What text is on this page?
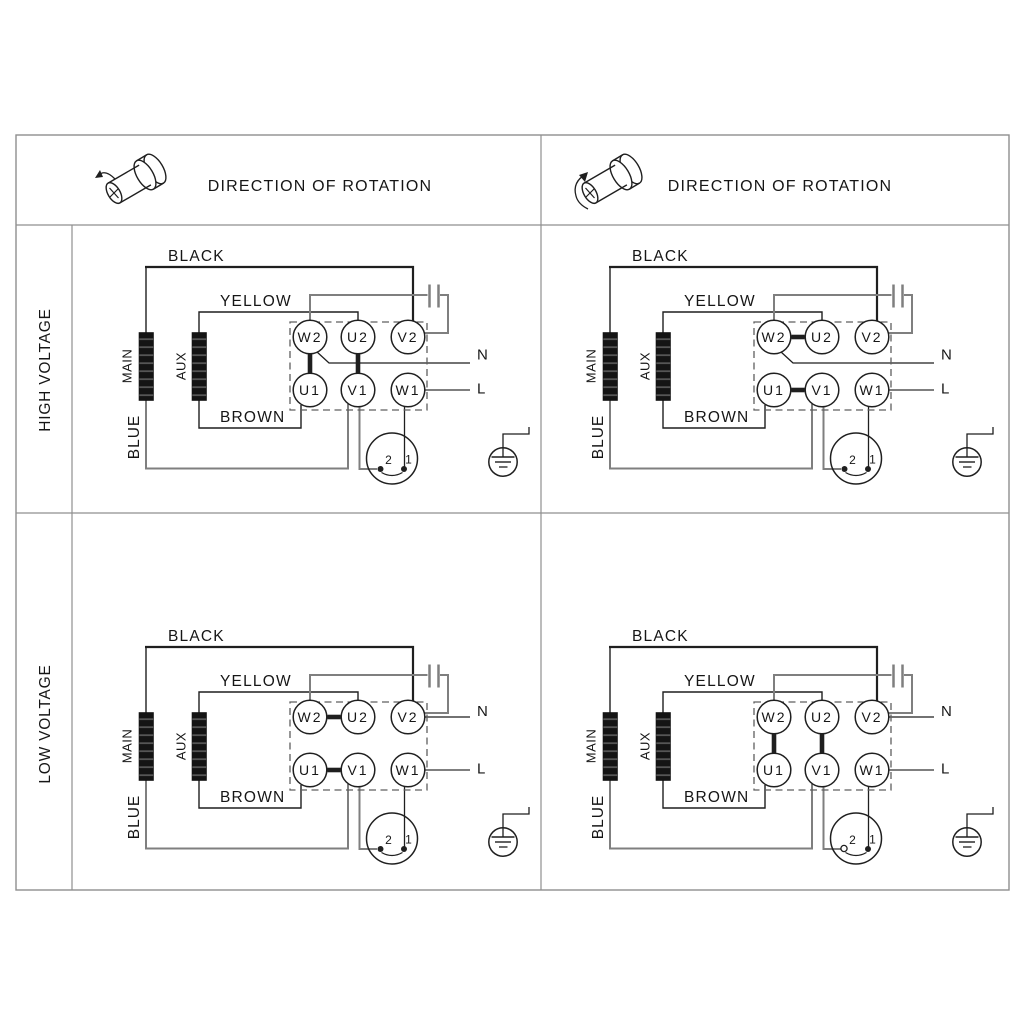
DIRECTION OF ROTATION	DIRECTION OF ROTATION
HIGH VOLTAGE
LOW VOLTAGE
W2 U2 V2
U1 V1 W1
2 1
BLACK
YELLOW
BROWN
BLUE
MAIN	AUX	N
L
W2 U2 V2
U1 V1 W1
2 1
BLACK
YELLOW
BROWN
BLUE
MAIN	AUX	N
L
W2 U2 V2
U1 V1 W1
2 1
BLACK
YELLOW
BROWN
BLUE
MAIN	AUX
N
L
W2 U2 V2
U1 V1 W1
2 1
BLACK
YELLOW
BROWN
BLUE
MAIN	AUX
N
L
